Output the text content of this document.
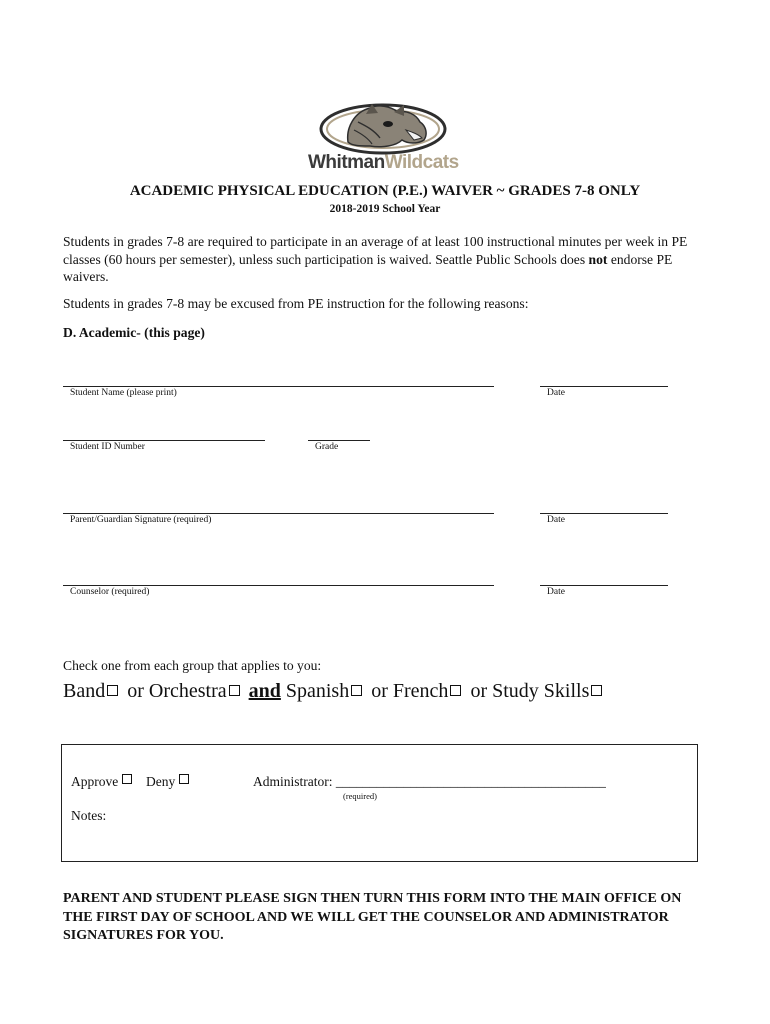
WhitmanWildcats
ACADEMIC PHYSICAL EDUCATION (P.E.) WAIVER ~ GRADES 7-8 ONLY
2018-2019 School Year
Students in grades 7-8 are required to participate in an average of at least 100 instructional minutes per week in PE classes (60 hours per semester), unless such participation is waived. Seattle Public Schools does not endorse PE waivers.
Students in grades 7-8 may be excused from PE instruction for the following reasons:
D. Academic- (this page)
Student Name (please print)	Date
Student ID Number	Grade
Parent/Guardian Signature (required)	Date
Counselor (required)	Date
Check one from each group that applies to you:
Band or Orchestra and Spanish or French or Study Skills
Approve	Deny	Administrator: ________________________________________
(required)
Notes:
PARENT AND STUDENT PLEASE SIGN THEN TURN THIS FORM INTO THE MAIN OFFICE ON THE FIRST DAY OF SCHOOL AND WE WILL GET THE COUNSELOR AND ADMINISTRATOR SIGNATURES FOR YOU.
